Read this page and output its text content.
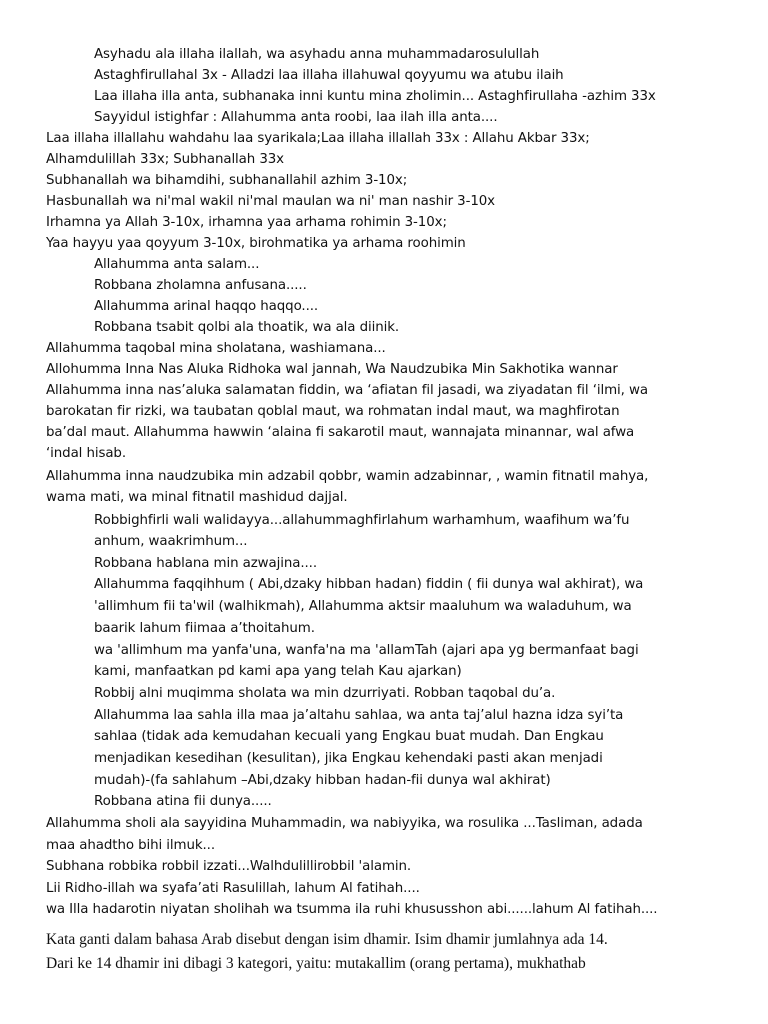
Asyhadu ala illaha ilallah, wa asyhadu anna muhammadarosulullah
Astaghfirullahal 3x - Alladzi laa illaha illahuwal qoyyumu wa atubu ilaih
Laa illaha illa anta, subhanaka inni kuntu mina zholimin... Astaghfirullaha -azhim 33x
Sayyidul istighfar : Allahumma anta roobi, laa ilah illa anta....
Laa illaha illallahu wahdahu laa syarikala;Laa illaha illallah 33x : Allahu Akbar 33x;
Alhamdulillah 33x; Subhanallah 33x
Subhanallah wa bihamdihi, subhanallahil azhim 3-10x;
Hasbunallah wa ni'mal wakil ni'mal maulan wa ni' man nashir 3-10x
Irhamna ya Allah 3-10x, irhamna yaa arhama rohimin 3-10x;
Yaa hayyu yaa qoyyum 3-10x, birohmatika ya arhama roohimin
Allahumma anta salam...
Robbana zholamna anfusana.....
Allahumma arinal haqqo haqqo....
Robbana tsabit qolbi ala thoatik, wa ala diinik.
Allahumma taqobal mina sholatana, washiamana...
Allohumma Inna Nas Aluka Ridhoka wal jannah, Wa Naudzubika Min Sakhotika wannar
Allahumma inna nas’aluka salamatan fiddin, wa ‘afiatan fil jasadi, wa ziyadatan fil ‘ilmi, wa
barokatan fir rizki, wa taubatan qoblal maut, wa rohmatan indal maut, wa maghfirotan
ba’dal maut. Allahumma hawwin ‘alaina fi sakarotil maut, wannajata minannar, wal afwa
‘indal hisab.
Allahumma inna naudzubika min adzabil qobbr, wamin adzabinnar, , wamin fitnatil mahya,
wama mati, wa minal fitnatil mashidud dajjal.
Robbighfirli wali walidayya...allahummaghfirlahum warhamhum, waafihum wa’fu
anhum, waakrimhum...
Robbana hablana min azwajina....
Allahumma faqqihhum ( Abi,dzaky hibban hadan) fiddin ( fii dunya wal akhirat), wa
'allimhum fii ta'wil (walhikmah), Allahumma aktsir maaluhum wa waladuhum, wa
baarik lahum fiimaa a’thoitahum.
wa 'allimhum ma yanfa'una, wanfa'na ma 'allamTah (ajari apa yg bermanfaat bagi
kami, manfaatkan pd kami apa yang telah Kau ajarkan)
Robbij alni muqimma sholata wa min dzurriyati. Robban taqobal du’a.
Allahumma laa sahla illa maa ja’altahu sahlaa, wa anta taj’alul hazna idza syi’ta
sahlaa (tidak ada kemudahan kecuali yang Engkau buat mudah. Dan Engkau
menjadikan kesedihan (kesulitan), jika Engkau kehendaki pasti akan menjadi
mudah)-(fa sahlahum –Abi,dzaky hibban hadan-fii dunya wal akhirat)
Robbana atina fii dunya.....
Allahumma sholi ala sayyidina Muhammadin, wa nabiyyika, wa rosulika ...Tasliman, adada
maa ahadtho bihi ilmuk...
Subhana robbika robbil izzati...Walhdulillirobbil 'alamin.
Lii Ridho-illah wa syafa’ati Rasulillah, lahum Al fatihah....
wa Illa hadarotin niyatan sholihah wa tsumma ila ruhi khususshon abi......lahum Al fatihah....
Kata ganti dalam bahasa Arab disebut dengan isim dhamir. Isim dhamir jumlahnya ada 14.
Dari ke 14 dhamir ini dibagi 3 kategori, yaitu: mutakallim (orang pertama), mukhathab
